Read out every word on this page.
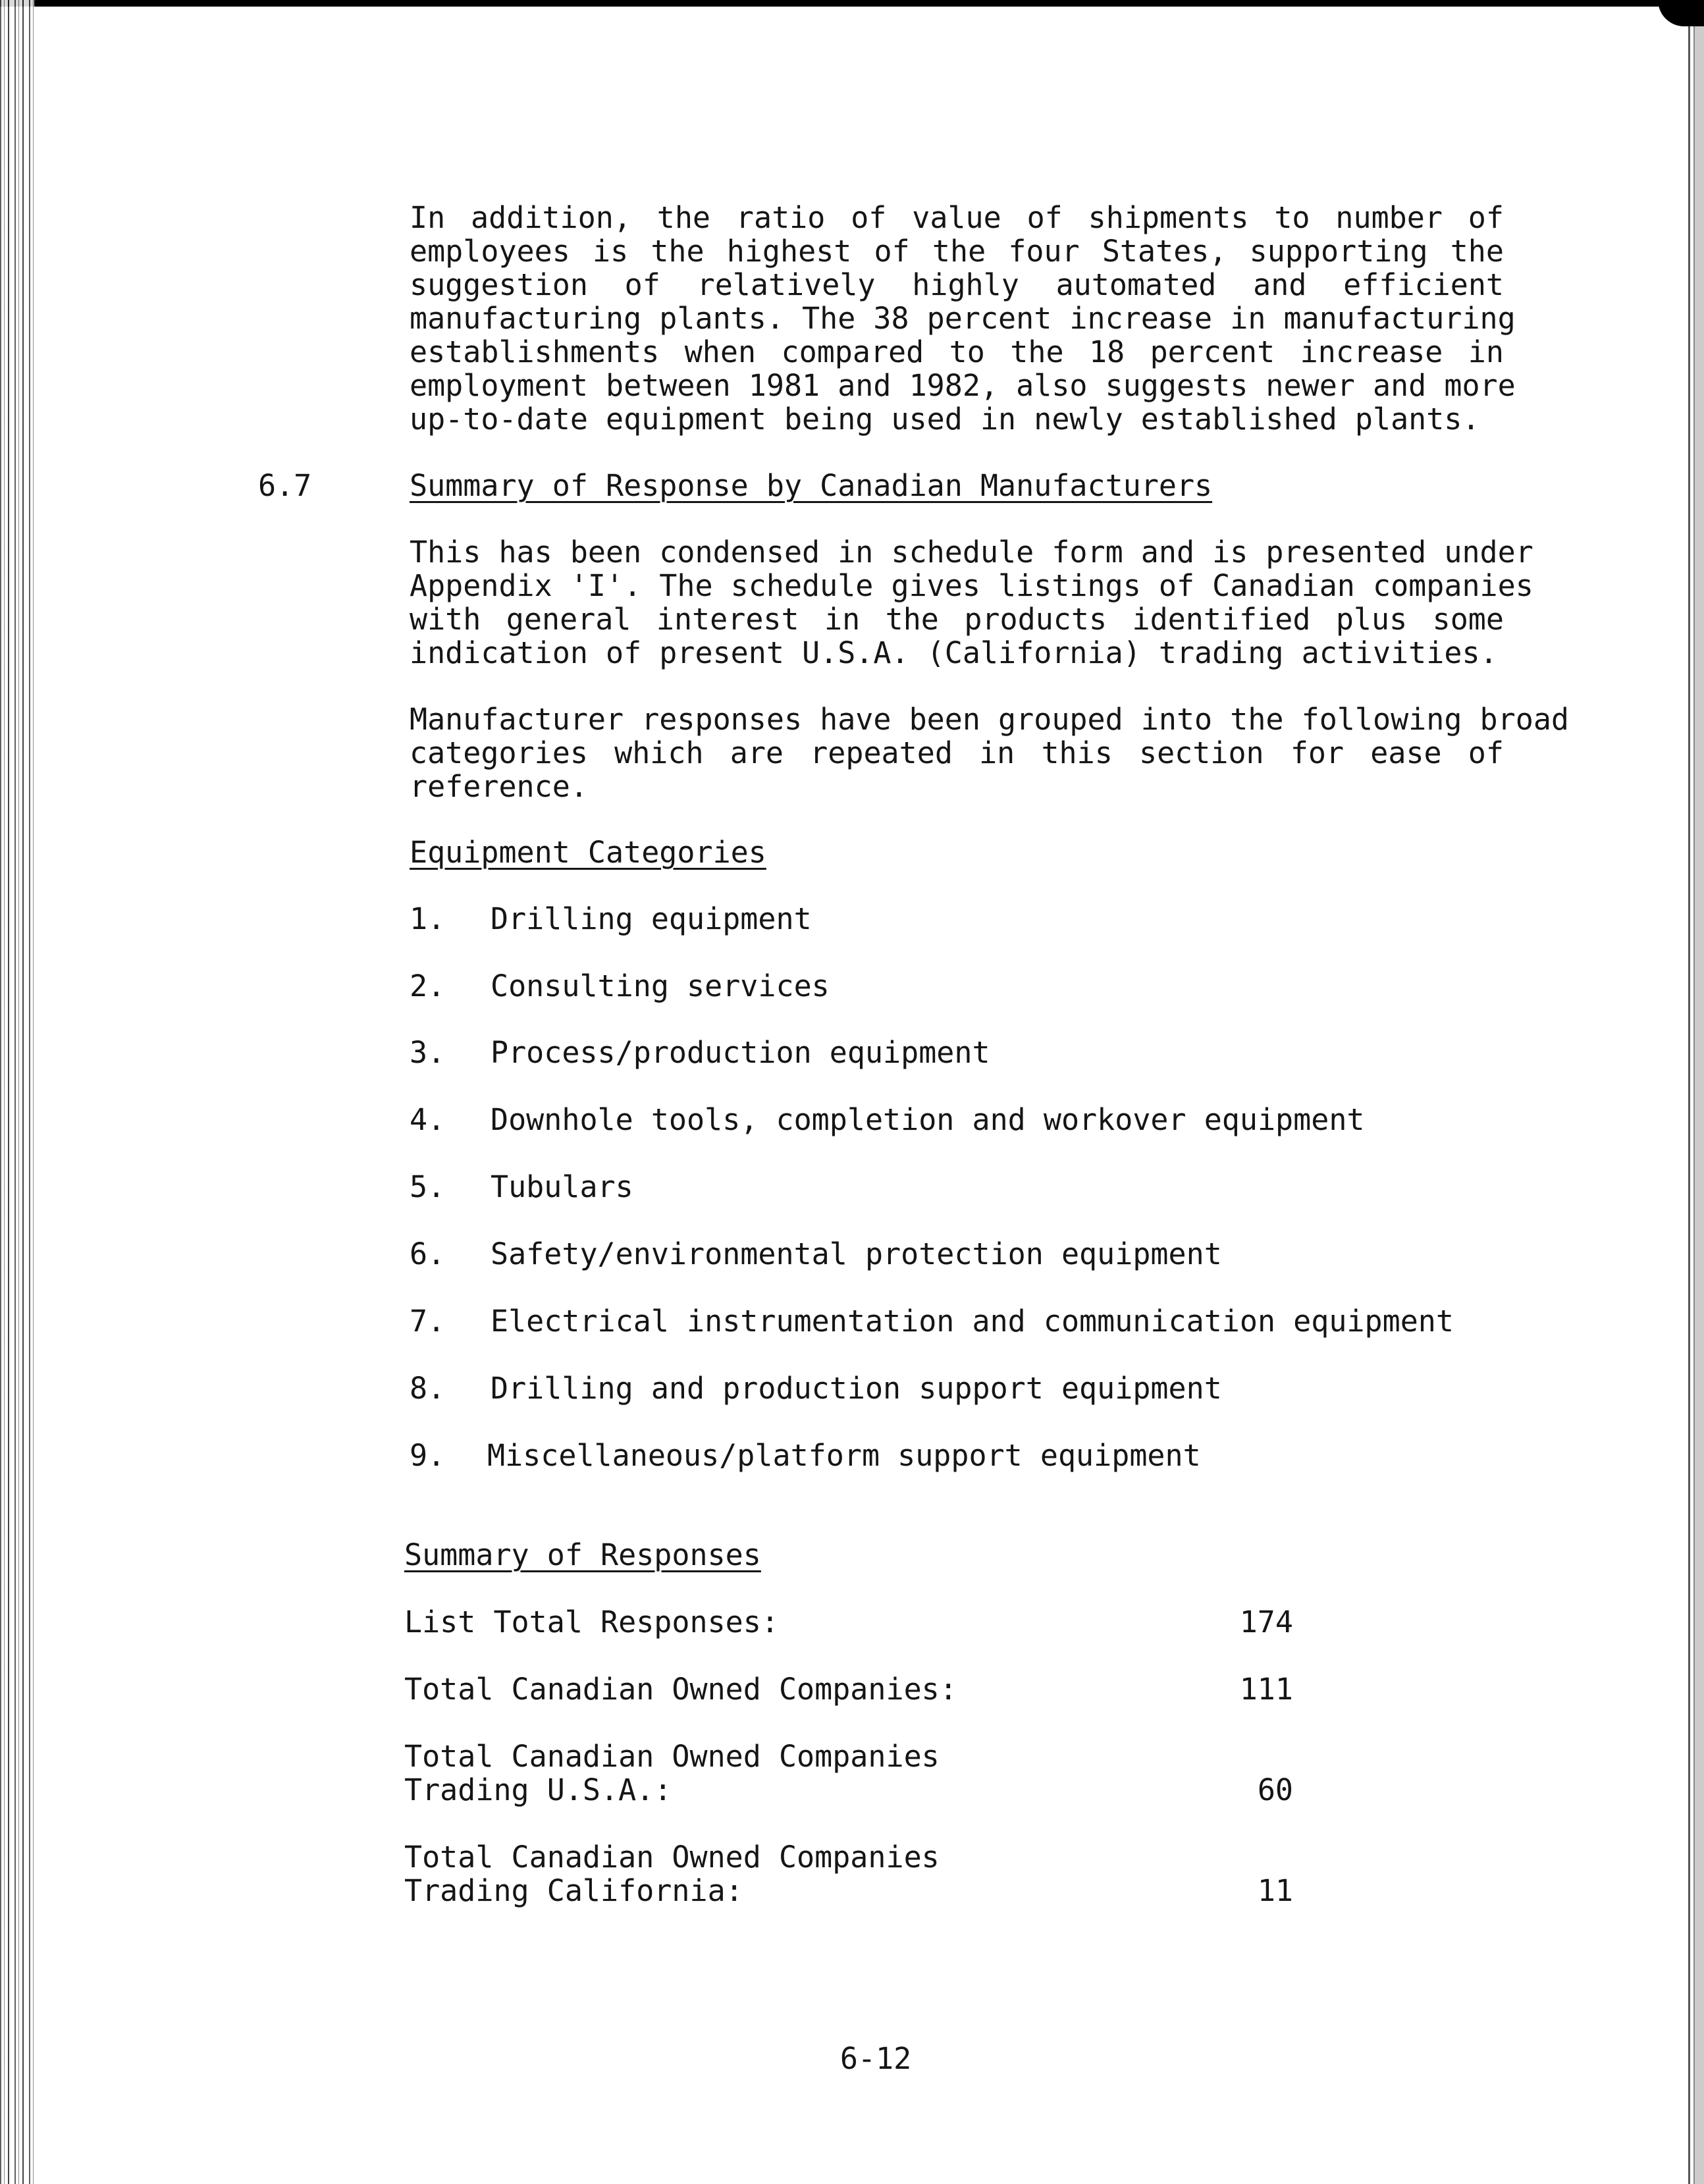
In addition, the ratio of value of shipments to number of
employees is the highest of the four States, supporting the
suggestion of relatively highly automated and efficient
manufacturing plants. The 38 percent increase in manufacturing
establishments when compared to the 18 percent increase in
employment between 1981 and 1982, also suggests newer and more
up-to-date equipment being used in newly established plants.
6.7	Summary of Response by Canadian Manufacturers
This has been condensed in schedule form and is presented under
Appendix 'I'. The schedule gives listings of Canadian companies
with general interest in the products identified plus some
indication of present U.S.A. (California) trading activities.
Manufacturer responses have been grouped into the following broad
categories which are repeated in this section for ease of
reference.
Equipment Categories
1. Drilling equipment
2. Consulting services
3. Process/production equipment
4. Downhole tools, completion and workover equipment
5. Tubulars
6. Safety/environmental protection equipment
7. Electrical instrumentation and communication equipment
8. Drilling and production support equipment
9. Miscellaneous/platform support equipment
Summary of Responses
List Total Responses:	174
Total Canadian Owned Companies:	111
Total Canadian Owned Companies
Trading U.S.A.:	60
Total Canadian Owned Companies
Trading California:	11
6-12
